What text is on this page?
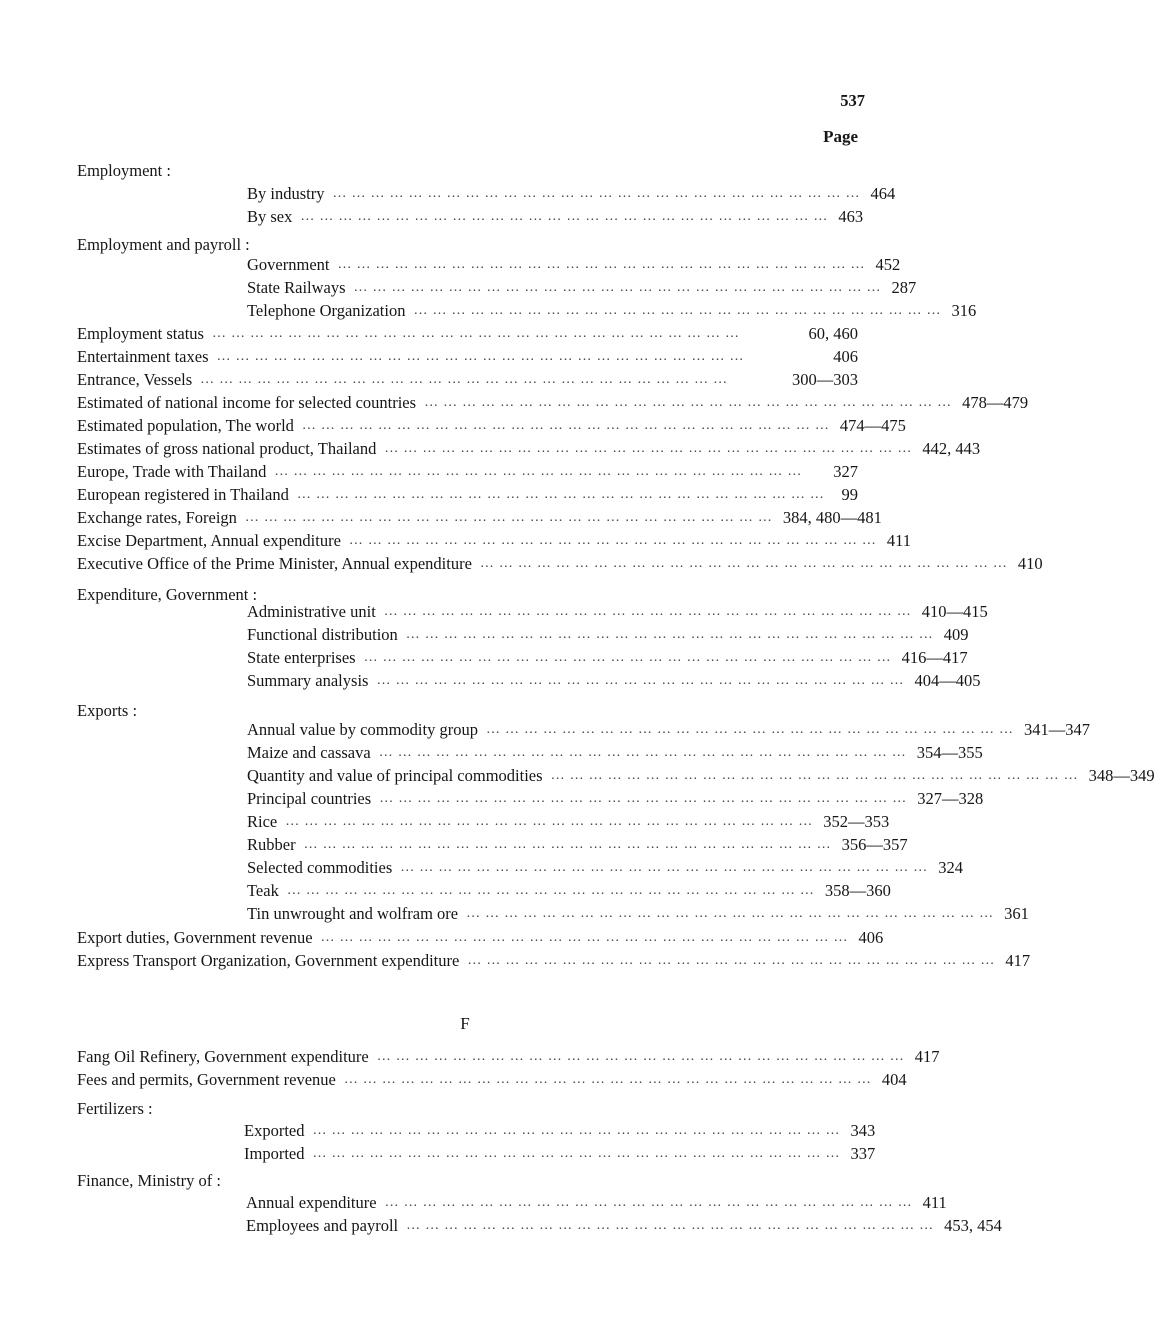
537
Page
Employment :
By industry ………………………………………………………………………… 464
By sex ………………………………………………………………………… 463
Employment and payroll :
Government ………………………………………………………………………… 452
State Railways ………………………………………………………………………… 287
Telephone Organization ………………………………………………………………………… 316
Employment status …………………………………………………………………………	60, 460
Entertainment taxes …………………………………………………………………………	406
Entrance, Vessels …………………………………………………………………………	300—303
Estimated of national income for selected countries ………………………………………………………………………… 478—479
Estimated population, The world ………………………………………………………………………… 474—475
Estimates of gross national product, Thailand ………………………………………………………………………… 442, 443
Europe, Trade with Thailand …………………………………………………………………………	327
European registered in Thailand ………………………………………………………………………… 99
Exchange rates, Foreign ………………………………………………………………………… 384, 480—481
Excise Department, Annual expenditure ………………………………………………………………………… 411
Executive Office of the Prime Minister, Annual expenditure ………………………………………………………………………… 410
Expenditure, Government :
Administrative unit ………………………………………………………………………… 410—415
Functional distribution ………………………………………………………………………… 409
State enterprises ………………………………………………………………………… 416—417
Summary analysis ………………………………………………………………………… 404—405
Exports :
Annual value by commodity group ………………………………………………………………………… 341—347
Maize and cassava ………………………………………………………………………… 354—355
Quantity and value of principal commodities ………………………………………………………………………… 348—349
Principal countries ………………………………………………………………………… 327—328
Rice ………………………………………………………………………… 352—353
Rubber ………………………………………………………………………… 356—357
Selected commodities ………………………………………………………………………… 324
Teak ………………………………………………………………………… 358—360
Tin unwrought and wolfram ore ………………………………………………………………………… 361
Export duties, Government revenue ………………………………………………………………………… 406
Express Transport Organization, Government expenditure ………………………………………………………………………… 417
F
Fang Oil Refinery, Government expenditure ………………………………………………………………………… 417
Fees and permits, Government revenue ………………………………………………………………………… 404
Fertilizers :
Exported ………………………………………………………………………… 343
Imported ………………………………………………………………………… 337
Finance, Ministry of :
Annual expenditure ………………………………………………………………………… 411
Employees and payroll ………………………………………………………………………… 453, 454
